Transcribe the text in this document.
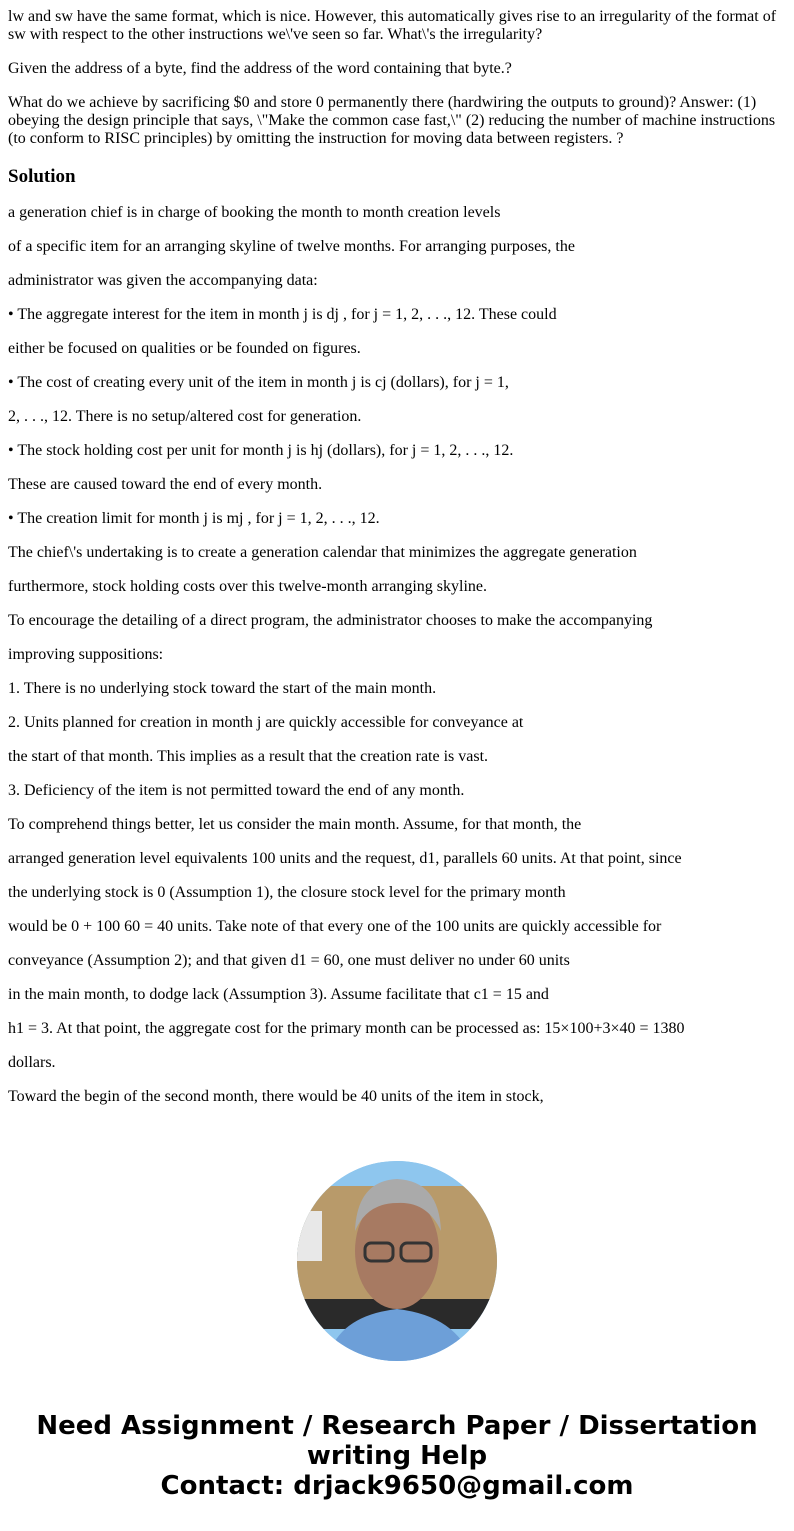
lw and sw have the same format, which is nice. However, this automatically gives rise to an irregularity of the format of sw with respect to the other instructions we\'ve seen so far. What\'s the irregularity?

Given the address of a byte, find the address of the word containing that byte.?

What do we achieve by sacrificing $0 and store 0 permanently there (hardwiring the outputs to ground)? Answer: (1) obeying the design principle that says, \"Make the common case fast,\" (2) reducing the number of machine instructions (to conform to RISC principles) by omitting the instruction for moving data between registers. ?

Solution

a generation chief is in charge of booking the month to month creation levels

of a specific item for an arranging skyline of twelve months. For arranging purposes, the

administrator was given the accompanying data:

• The aggregate interest for the item in month j is dj , for j = 1, 2, . . ., 12. These could

either be focused on qualities or be founded on figures.

• The cost of creating every unit of the item in month j is cj (dollars), for j = 1,

2, . . ., 12. There is no setup/altered cost for generation.

• The stock holding cost per unit for month j is hj (dollars), for j = 1, 2, . . ., 12.

These are caused toward the end of every month.

• The creation limit for month j is mj , for j = 1, 2, . . ., 12.

The chief\'s undertaking is to create a generation calendar that minimizes the aggregate generation

furthermore, stock holding costs over this twelve-month arranging skyline.

To encourage the detailing of a direct program, the administrator chooses to make the accompanying

improving suppositions:

1. There is no underlying stock toward the start of the main month.

2. Units planned for creation in month j are quickly accessible for conveyance at

the start of that month. This implies as a result that the creation rate is vast.

3. Deficiency of the item is not permitted toward the end of any month.

To comprehend things better, let us consider the main month. Assume, for that month, the

arranged generation level equivalents 100 units and the request, d1, parallels 60 units. At that point, since

the underlying stock is 0 (Assumption 1), the closure stock level for the primary month

would be 0 + 100 60 = 40 units. Take note of that every one of the 100 units are quickly accessible for

conveyance (Assumption 2); and that given d1 = 60, one must deliver no under 60 units

in the main month, to dodge lack (Assumption 3). Assume facilitate that c1 = 15 and

h1 = 3. At that point, the aggregate cost for the primary month can be processed as: 15×100+3×40 = 1380

dollars.

Toward the begin of the second month, there would be 40 units of the item in stock,

Need Assignment / Research Paper / Dissertation
writing Help
Contact: drjack9650@gmail.com
